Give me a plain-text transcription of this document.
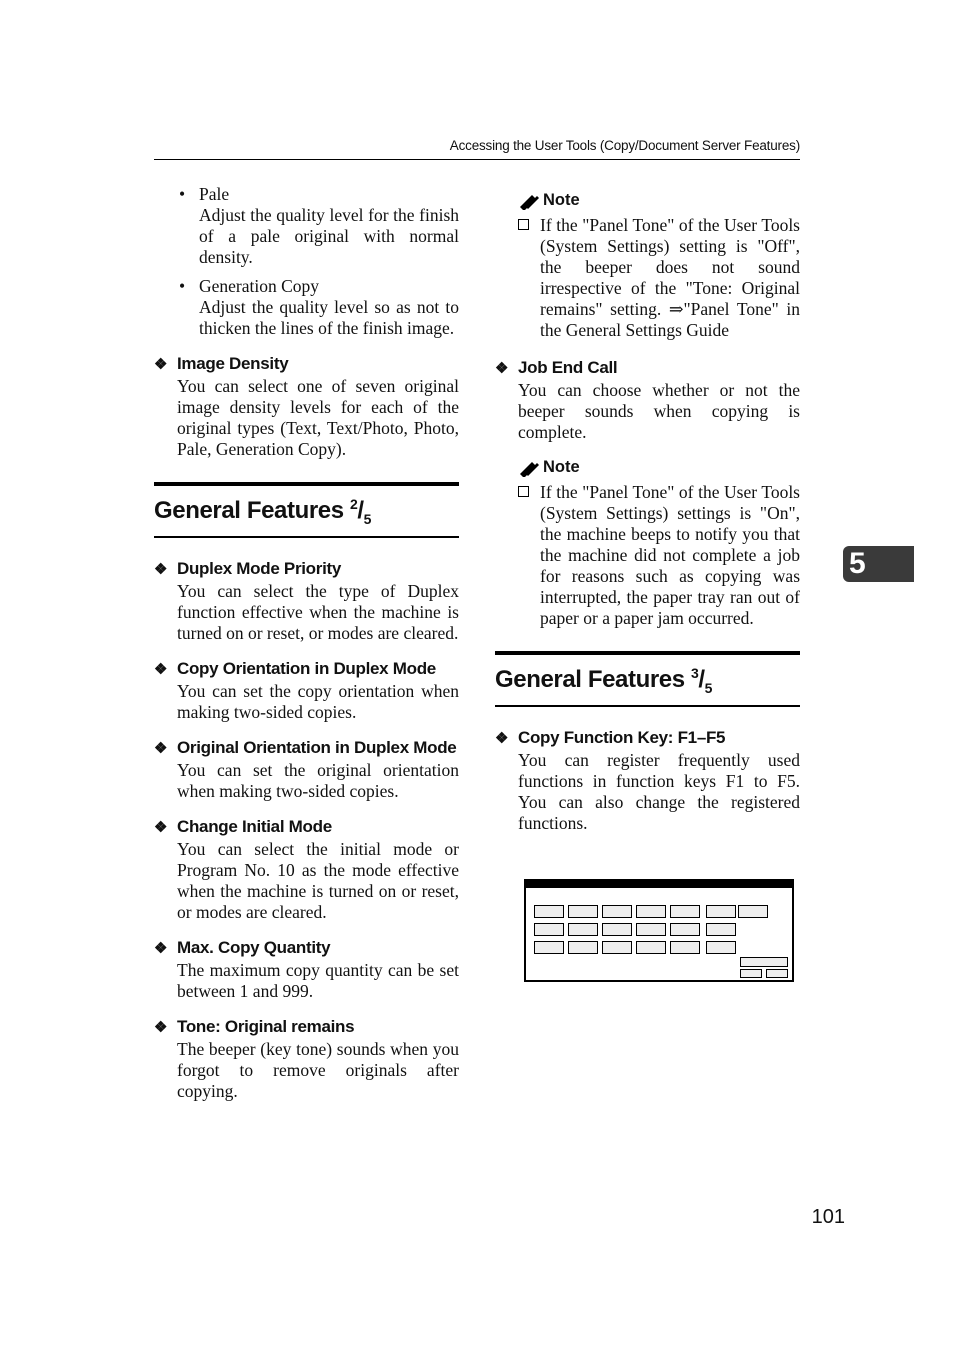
Accessing the User Tools (Copy/Document Server Features)
• Pale
Adjust the quality level for the finish of a pale original with normal density.
• Generation Copy
Adjust the quality level so as not to thicken the lines of the finish image.
❖ Image Density
You can select one of seven original image density levels for each of the original types (Text, Text/Photo, Photo, Pale, Generation Copy).
General Features $^2/_5$
❖ Duplex Mode Priority
You can select the type of Duplex function effective when the machine is turned on or reset, or modes are cleared.
❖ Copy Orientation in Duplex Mode
You can set the copy orientation when making two-sided copies.
❖ Original Orientation in Duplex Mode
You can set the original orientation when making two-sided copies.
❖ Change Initial Mode
You can select the initial mode or Program No. 10 as the mode effective when the machine is turned on or reset, or modes are cleared.
❖ Max. Copy Quantity
The maximum copy quantity can be set between 1 and 999.
❖ Tone: Original remains
The beeper (key tone) sounds when you forgot to remove originals after copying.
Note
If the "Panel Tone" of the User Tools (System Settings) setting is "Off", the beeper does not sound irrespective of the "Tone: Original remains" setting. ⇒"Panel Tone" in the General Settings Guide
❖ Job End Call
You can choose whether or not the beeper sounds when copying is complete.
Note
If the "Panel Tone" of the User Tools (System Settings) settings is "On", the machine beeps to notify you that the machine did not complete a job for reasons such as copying was interrupted, the paper tray ran out of paper or a paper jam occurred.
General Features $^3/_5$
❖ Copy Function Key: F1–F5
You can register frequently used functions in function keys F1 to F5. You can also change the registered functions.
5
101
